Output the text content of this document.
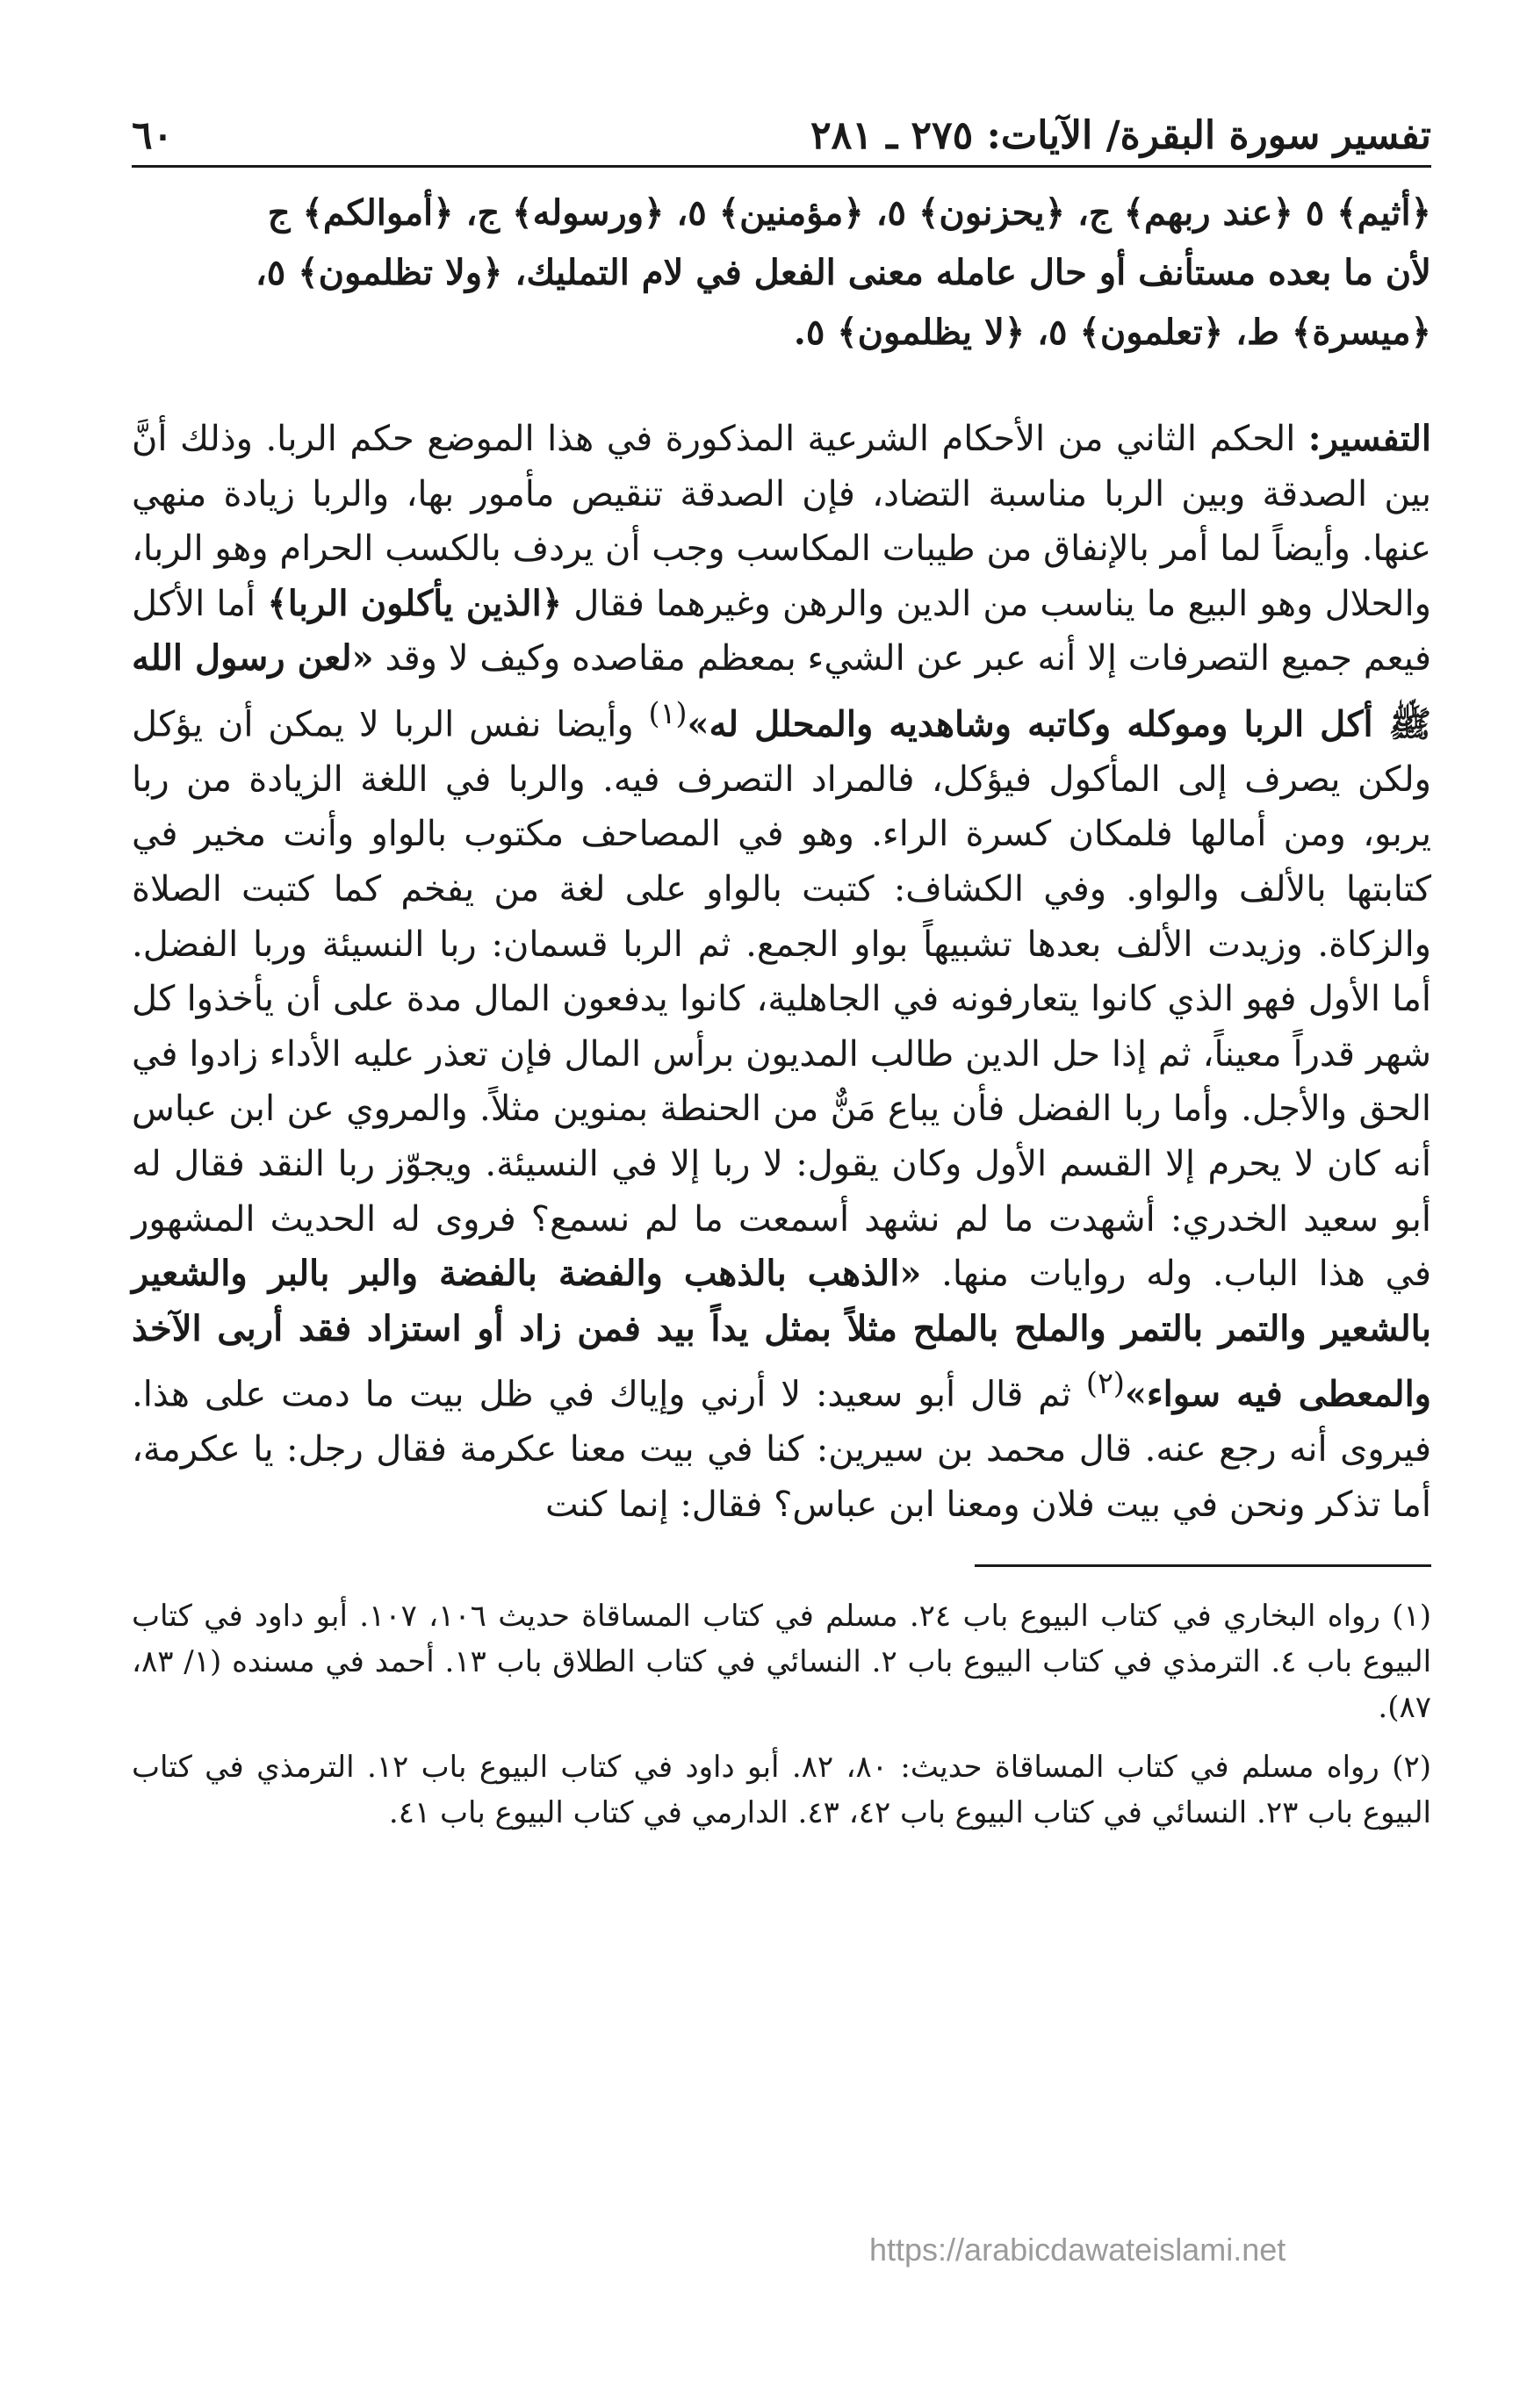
تفسير سورة البقرة/ الآيات: ٢٧٥ ـ ٢٨١
٦٠
﴿أثيم﴾ ٥ ﴿عند ربهم﴾ ج، ﴿يحزنون﴾ ٥، ﴿مؤمنين﴾ ٥، ﴿ورسوله﴾ ج، ﴿أموالكم﴾ ج
لأن ما بعده مستأنف أو حال عامله معنى الفعل في لام التمليك، ﴿ولا تظلمون﴾ ٥،
﴿ميسرة﴾ ط، ﴿تعلمون﴾ ٥، ﴿لا يظلمون﴾ ٥.

التفسير: الحكم الثاني من الأحكام الشرعية المذكورة في هذا الموضع حكم الربا. وذلك أنَّ بين الصدقة وبين الربا مناسبة التضاد، فإن الصدقة تنقيص مأمور بها، والربا زيادة منهي عنها. وأيضاً لما أمر بالإنفاق من طيبات المكاسب وجب أن يردف بالكسب الحرام وهو الربا، والحلال وهو البيع ما يناسب من الدين والرهن وغيرهما فقال ﴿الذين يأكلون الربا﴾ أما الأكل فيعم جميع التصرفات إلا أنه عبر عن الشيء بمعظم مقاصده وكيف لا وقد «لعن رسول الله ﷺ أكل الربا وموكله وكاتبه وشاهديه والمحلل له»$^{(١)}$ وأيضا نفس الربا لا يمكن أن يؤكل ولكن يصرف إلى المأكول فيؤكل، فالمراد التصرف فيه. والربا في اللغة الزيادة من ربا يربو، ومن أمالها فلمكان كسرة الراء. وهو في المصاحف مكتوب بالواو وأنت مخير في كتابتها بالألف والواو. وفي الكشاف: كتبت بالواو على لغة من يفخم كما كتبت الصلاة والزكاة. وزيدت الألف بعدها تشبيهاً بواو الجمع. ثم الربا قسمان: ربا النسيئة وربا الفضل. أما الأول فهو الذي كانوا يتعارفونه في الجاهلية، كانوا يدفعون المال مدة على أن يأخذوا كل شهر قدراً معيناً، ثم إذا حل الدين طالب المديون برأس المال فإن تعذر عليه الأداء زادوا في الحق والأجل. وأما ربا الفضل فأن يباع مَنٌّ من الحنطة بمنوين مثلاً. والمروي عن ابن عباس أنه كان لا يحرم إلا القسم الأول وكان يقول: لا ربا إلا في النسيئة. ويجوّز ربا النقد فقال له أبو سعيد الخدري: أشهدت ما لم نشهد أسمعت ما لم نسمع؟ فروى له الحديث المشهور في هذا الباب. وله روايات منها. «الذهب بالذهب والفضة بالفضة والبر بالبر والشعير بالشعير والتمر بالتمر والملح بالملح مثلاً بمثل يداً بيد فمن زاد أو استزاد فقد أربى الآخذ والمعطى فيه سواء»$^{(٢)}$ ثم قال أبو سعيد: لا أرني وإياك في ظل بيت ما دمت على هذا. فيروى أنه رجع عنه. قال محمد بن سيرين: كنا في بيت معنا عكرمة فقال رجل: يا عكرمة، أما تذكر ونحن في بيت فلان ومعنا ابن عباس؟ فقال: إنما كنت

(١) رواه البخاري في كتاب البيوع باب ٢٤. مسلم في كتاب المساقاة حديث ١٠٦، ١٠٧. أبو داود في كتاب البيوع باب ٤. الترمذي في كتاب البيوع باب ٢. النسائي في كتاب الطلاق باب ١٣. أحمد في مسنده (١/ ٨٣، ٨٧).

(٢) رواه مسلم في كتاب المساقاة حديث: ٨٠، ٨٢. أبو داود في كتاب البيوع باب ١٢. الترمذي في كتاب البيوع باب ٢٣. النسائي في كتاب البيوع باب ٤٢، ٤٣. الدارمي في كتاب البيوع باب ٤١.

https://arabicdawateislami.net
